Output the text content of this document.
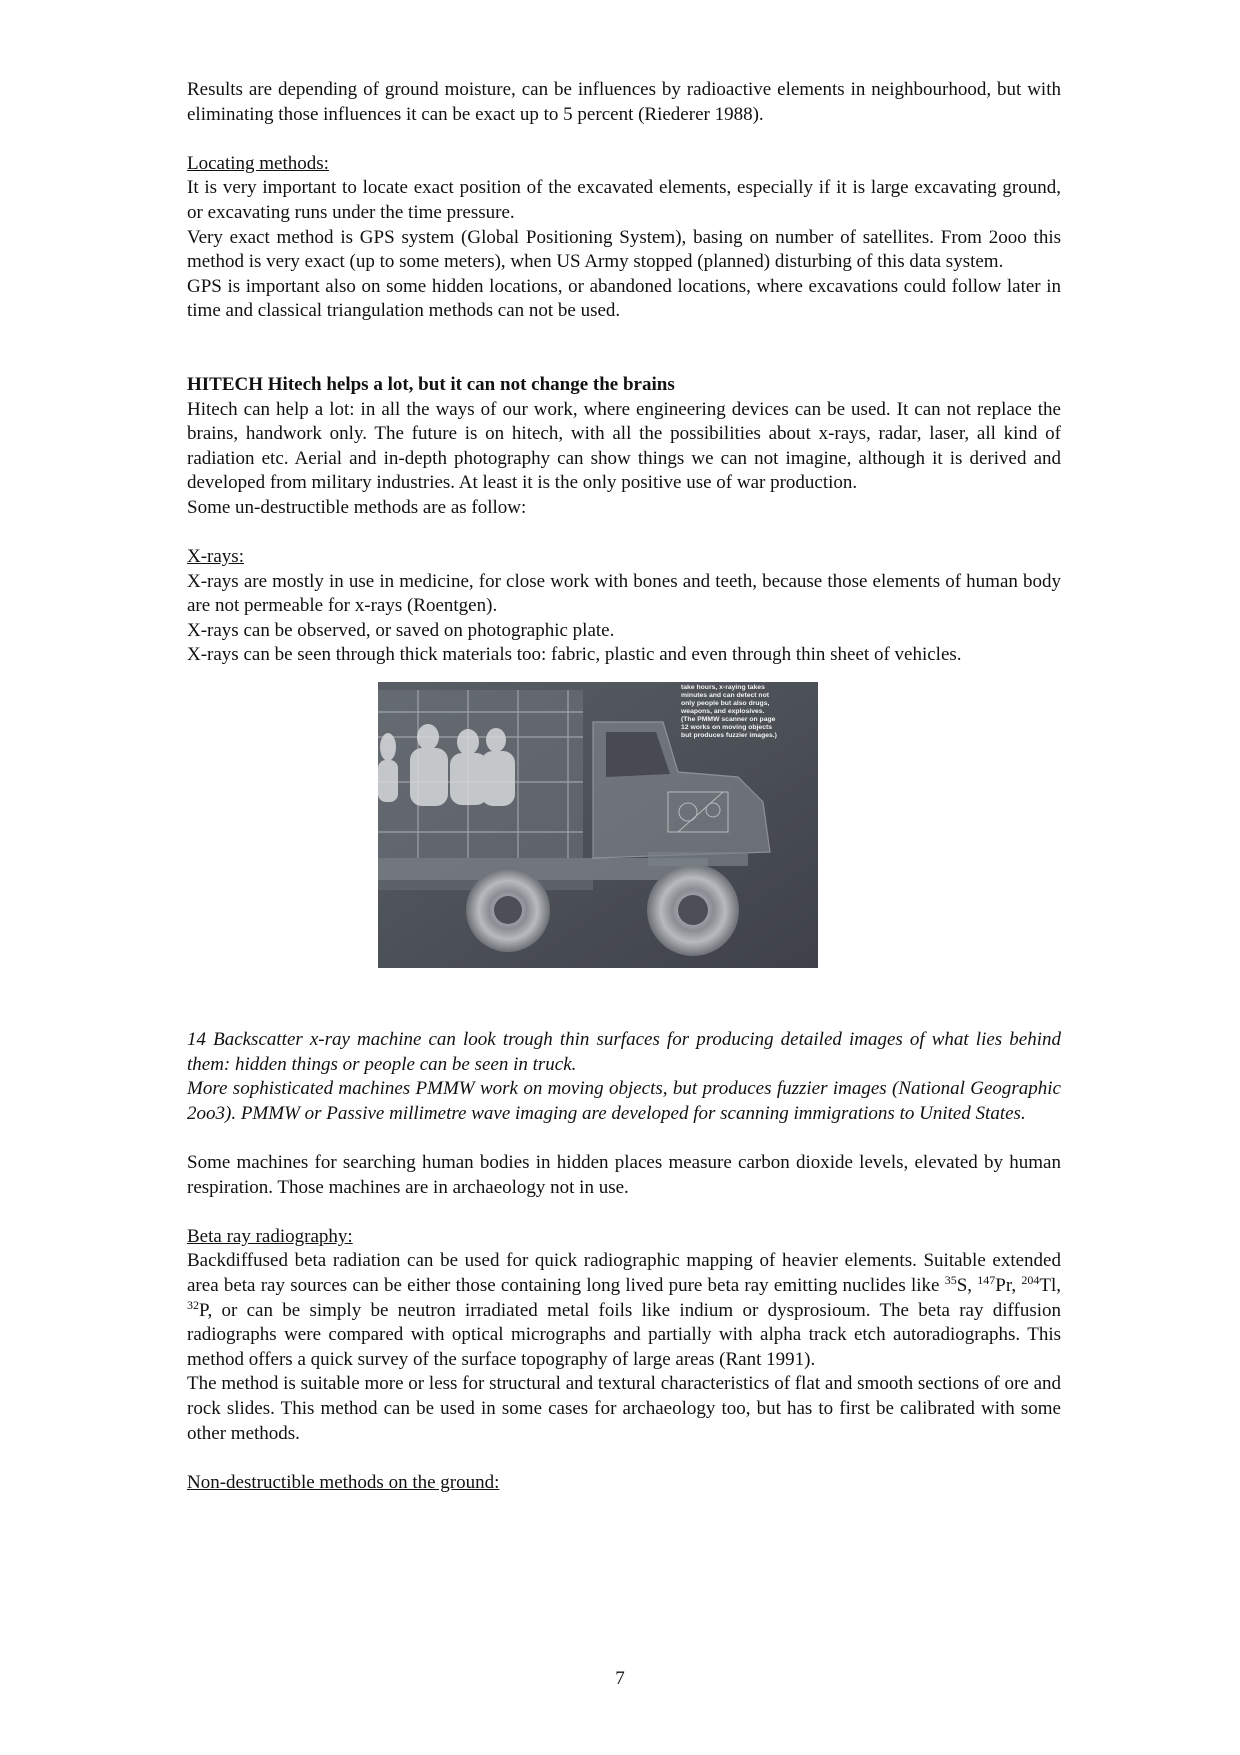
Results are depending of ground moisture, can be influences by radioactive elements in neighbourhood, but with eliminating those influences it can be exact up to 5 percent (Riederer 1988).

Locating methods:

It is very important to locate exact position of the excavated elements, especially if it is large excavating ground, or excavating runs under the time pressure.

Very exact method is GPS system (Global Positioning System), basing on number of satellites. From 2ooo this method is very exact (up to some meters), when US Army stopped (planned) disturbing of this data system.

GPS is important also on some hidden locations, or abandoned locations, where excavations could follow later in time and classical triangulation methods can not be used.

HITECH Hitech helps a lot, but it can not change the brains

Hitech can help a lot: in all the ways of our work, where engineering devices can be used. It can not replace the brains, handwork only. The future is on hitech, with all the possibilities about x-rays, radar, laser, all kind of radiation etc. Aerial and in-depth photography can show things we can not imagine, although it is derived and developed from military industries. At least it is the only positive use of war production.

Some un-destructible methods are as follow:

X-rays:

X-rays are mostly in use in medicine, for close work with bones and teeth, because those elements of human body are not permeable for x-rays (Roentgen).

X-rays can be observed, or saved on photographic plate.

X-rays can be seen through thick materials too: fabric, plastic and even through thin sheet of vehicles.

take hours, x-raying takes
minutes and can detect not
only people but also drugs,
weapons, and explosives.
(The PMMW scanner on page
12 works on moving objects
but produces fuzzier images.)

14 Backscatter x-ray machine can look trough thin surfaces for producing detailed images of what lies behind them: hidden things or people can be seen in truck.

More sophisticated machines PMMW work on moving objects, but produces fuzzier images (National Geographic 2oo3). PMMW or Passive millimetre wave imaging are developed for scanning immigrations to United States.

Some machines for searching human bodies in hidden places measure carbon dioxide levels, elevated by human respiration. Those machines are in archaeology not in use.

Beta ray radiography:

Backdiffused beta radiation can be used for quick radiographic mapping of heavier elements. Suitable extended area beta ray sources can be either those containing long lived pure beta ray emitting nuclides like $^{35}$S, $^{147}$Pr, $^{204}$Tl, $^{32}$P, or can be simply be neutron irradiated metal foils like indium or dysprosioum. The beta ray diffusion radiographs were compared with optical micrographs and partially with alpha track etch autoradiographs. This method offers a quick survey of the surface topography of large areas (Rant 1991).

The method is suitable more or less for structural and textural characteristics of flat and smooth sections of ore and rock slides. This method can be used in some cases for archaeology too, but has to first be calibrated with some other methods.

Non-destructible methods on the ground:

7
